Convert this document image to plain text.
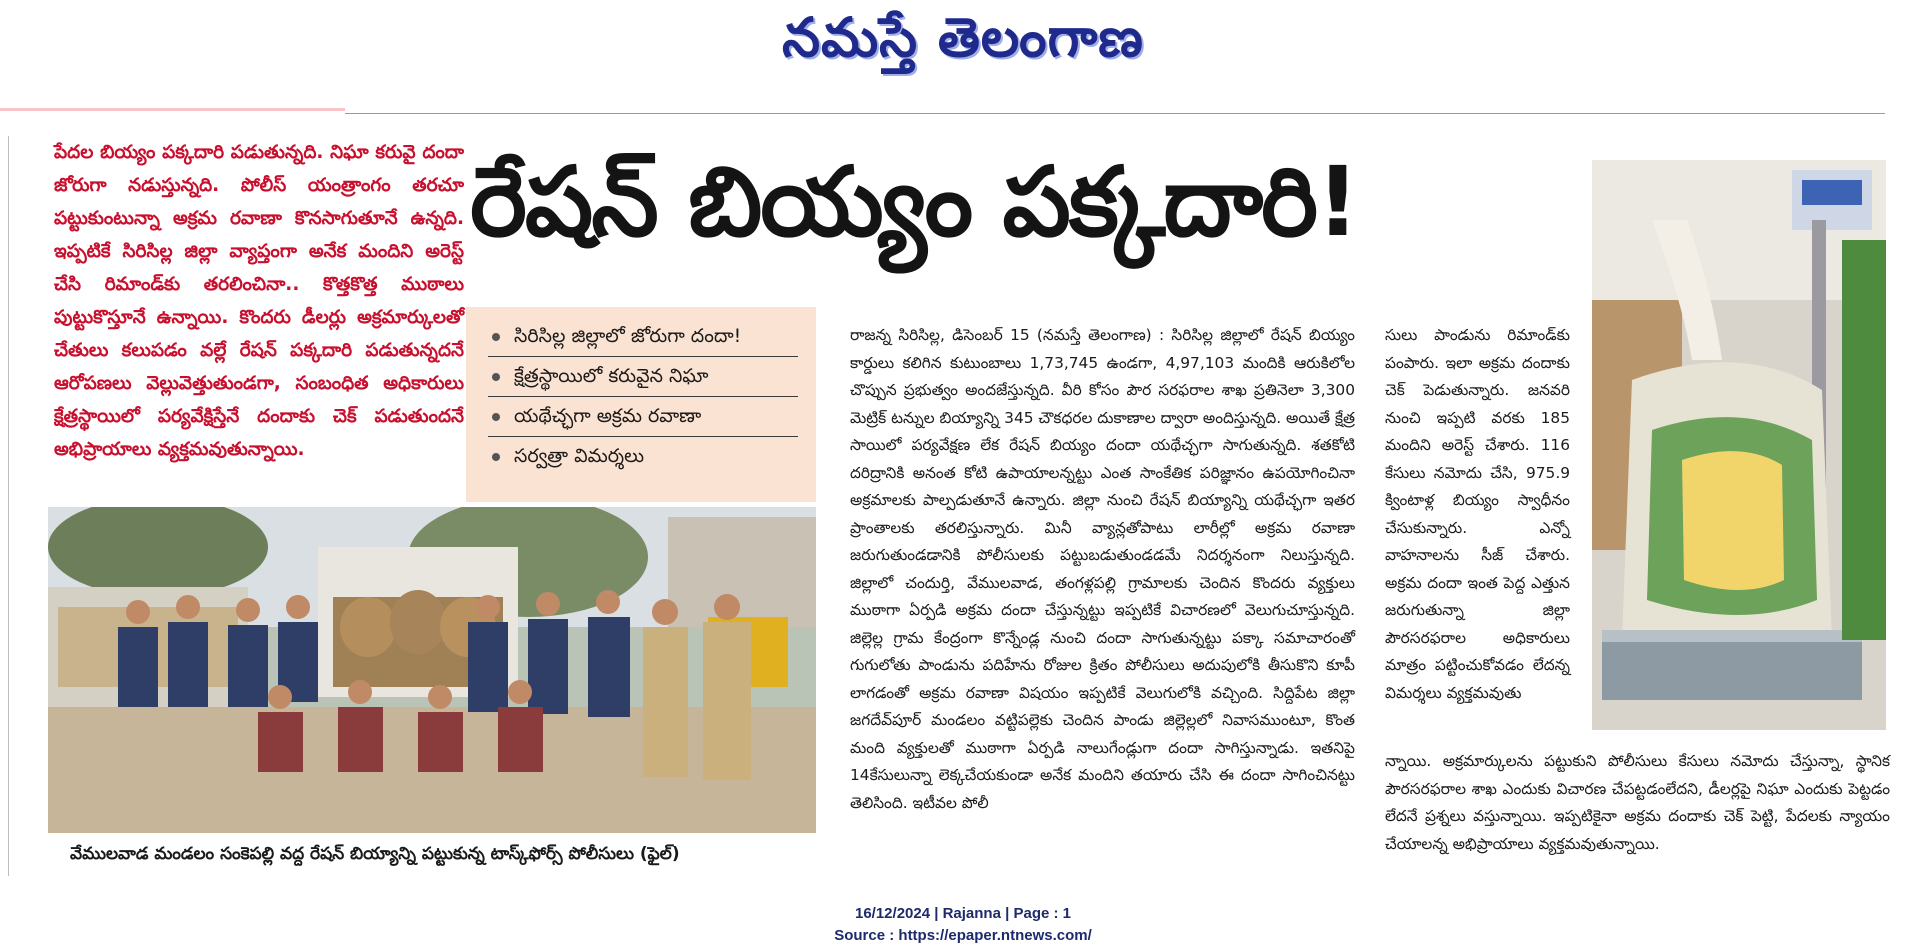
నమస్తే తెలంగాణ
పేదల బియ్యం పక్కదారి పడుతున్నది. నిఘా కరువై దందా జోరుగా నడుస్తున్నది. పోలీస్ యంత్రాంగం తరచూ పట్టుకుంటున్నా అక్రమ రవాణా కొనసాగుతూనే ఉన్నది. ఇప్పటికే సిరిసిల్ల జిల్లా వ్యాప్తంగా అనేక మందిని అరెస్ట్ చేసి రిమాండ్‌కు తరలించినా.. కొత్తకొత్త ముఠాలు పుట్టుకొస్తూనే ఉన్నాయి. కొందరు డీలర్లు అక్రమార్కులతో చేతులు కలుపడం వల్లే రేషన్ పక్కదారి పడుతున్నదనే ఆరోపణలు వెల్లువెత్తుతుండగా, సంబంధిత అధికారులు క్షేత్రస్థాయిలో పర్యవేక్షిస్తేనే దందాకు చెక్ పడుతుందనే అభిప్రాయాలు వ్యక్తమవుతున్నాయి.
రేషన్ బియ్యం పక్కదారి!
సిరిసిల్ల జిల్లాలో జోరుగా దందా!
క్షేత్రస్థాయిలో కరువైన నిఘా
యథేచ్ఛగా అక్రమ రవాణా
సర్వత్రా విమర్శలు
వేములవాడ మండలం సంకెపల్లి వద్ద రేషన్ బియ్యాన్ని పట్టుకున్న టాస్క్‌ఫోర్స్ పోలీసులు (ఫైల్)

రాజన్న సిరిసిల్ల, డిసెంబర్ 15 (నమస్తే తెలంగాణ) : సిరిసిల్ల జిల్లాలో రేషన్ బియ్యం కార్డులు కలిగిన కుటుంబాలు 1,73,745 ఉండగా, 4,97,103 మందికి ఆరుకిలోల చొప్పున ప్రభుత్వం అందజేస్తున్నది. వీరి కోసం పౌర సరఫరాల శాఖ ప్రతినెలా 3,300 మెట్రిక్ టన్నుల బియ్యాన్ని 345 చౌకధరల దుకాణాల ద్వారా అందిస్తున్నది. అయితే క్షేత్ర సాయిలో పర్యవేక్షణ లేక రేషన్ బియ్యం దందా యథేచ్ఛగా సాగుతున్నది. శతకోటి దరిద్రానికి అనంత కోటి ఉపాయాలన్నట్టు ఎంత సాంకేతిక పరిజ్ఞానం ఉపయోగించినా అక్రమాలకు పాల్పడుతూనే ఉన్నారు. జిల్లా నుంచి రేషన్ బియ్యాన్ని యథేచ్ఛగా ఇతర ప్రాంతాలకు తరలిస్తున్నారు. మినీ వ్యాన్లతోపాటు లారీల్లో అక్రమ రవాణా జరుగుతుండడానికి పోలీసులకు పట్టుబడుతుండడమే నిదర్శనంగా నిలుస్తున్నది. జిల్లాలో చందుర్తి, వేములవాడ, తంగళ్లపల్లి గ్రామాలకు చెందిన కొందరు వ్యక్తులు ముఠాగా ఏర్పడి అక్రమ దందా చేస్తున్నట్టు ఇప్పటికే విచారణలో వెలుగుచూస్తున్నది. జిల్లెల్ల గ్రామ కేంద్రంగా కొన్నేండ్ల నుంచి దందా సాగుతున్నట్టు పక్కా సమాచారంతో గుగులోతు పాండును పదిహేను రోజుల క్రితం పోలీసులు అదుపులోకి తీసుకొని కూపీ లాగడంతో అక్రమ రవాణా విషయం ఇప్పటికే వెలుగులోకి వచ్చింది. సిద్దిపేట జిల్లా జగదేవ్‌పూర్ మండలం వట్టిపల్లెకు చెందిన పాండు జిల్లెల్లలో నివాసముంటూ, కొంత మంది వ్యక్తులతో ముఠాగా ఏర్పడి నాలుగేండ్లుగా దందా సాగిస్తున్నాడు. ఇతనిపై 14కేసులున్నా లెక్కచేయకుండా అనేక మందిని తయారు చేసి ఈ దందా సాగించినట్టు తెలిసింది. ఇటీవల పోలీ

సులు పాండును రిమాండ్‌కు పంపారు. ఇలా అక్రమ దందాకు చెక్ పెడుతున్నారు. జనవరి నుంచి ఇప్పటి వరకు 185 మందిని అరెస్ట్ చేశారు. 116 కేసులు నమోదు చేసి, 975.9 క్వింటాళ్ల బియ్యం స్వాధీనం చేసుకున్నారు. ఎన్నో వాహనాలను సీజ్ చేశారు. అక్రమ దందా ఇంత పెద్ద ఎత్తున జరుగుతున్నా జిల్లా పౌరసరఫరాల అధికారులు మాత్రం పట్టించుకోవడం లేదన్న విమర్శలు వ్యక్తమవుతు

న్నాయి. అక్రమార్కులను పట్టుకుని పోలీసులు కేసులు నమోదు చేస్తున్నా, స్థానిక పౌరసరఫరాల శాఖ ఎందుకు విచారణ చేపట్టడంలేదని, డీలర్లపై నిఘా ఎందుకు పెట్టడం లేదనే ప్రశ్నలు వస్తున్నాయి. ఇప్పటికైనా అక్రమ దందాకు చెక్ పెట్టి, పేదలకు న్యాయం చేయాలన్న అభిప్రాయాలు వ్యక్తమవుతున్నాయి.

16/12/2024 | Rajanna | Page : 1
Source : https://epaper.ntnews.com/
